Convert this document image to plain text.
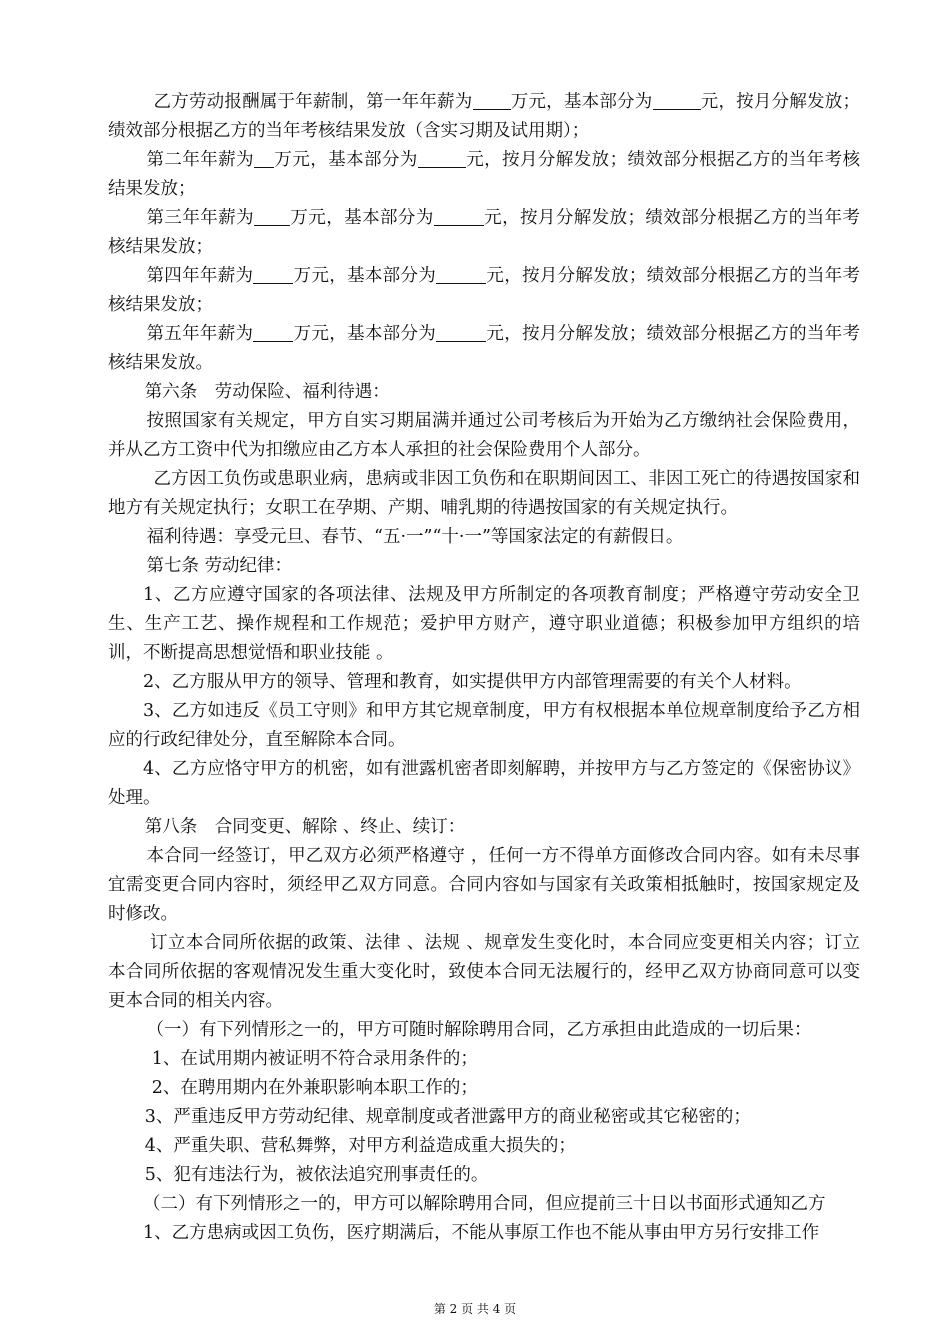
乙方劳动报酬属于年薪制，第一年年薪为 万元，基本部分为	元，按月分解发放；绩效部分根据乙方的当年考核结果发放（含实习期及试用期）；

第二年年薪为 万元，基本部分为	元，按月分解发放；绩效部分根据乙方的当年考核结果发放；

第三年年薪为 万元，基本部分为	元，按月分解发放；绩效部分根据乙方的当年考核结果发放；

第四年年薪为 万元，基本部分为	元，按月分解发放；绩效部分根据乙方的当年考核结果发放；

第五年年薪为 万元，基本部分为	元，按月分解发放；绩效部分根据乙方的当年考核结果发放。

第六条　劳动保险、福利待遇：

按照国家有关规定，甲方自实习期届满并通过公司考核后为开始为乙方缴纳社会保险费用，并从乙方工资中代为扣缴应由乙方本人承担的社会保险费用个人部分。

乙方因工负伤或患职业病，患病或非因工负伤和在职期间因工、非因工死亡的待遇按国家和地方有关规定执行；女职工在孕期、产期、哺乳期的待遇按国家的有关规定执行。

福利待遇：享受元旦、春节、“五·一”“十·一”等国家法定的有薪假日。

第七条 劳动纪律：

1、乙方应遵守国家的各项法律、法规及甲方所制定的各项教育制度；严格遵守劳动安全卫生、生产工艺、操作规程和工作规范；爱护甲方财产，遵守职业道德；积极参加甲方组织的培训，不断提高思想觉悟和职业技能 。

2、乙方服从甲方的领导、管理和教育，如实提供甲方内部管理需要的有关个人材料。

3、乙方如违反《员工守则》和甲方其它规章制度，甲方有权根据本单位规章制度给予乙方相应的行政纪律处分，直至解除本合同。

4、乙方应恪守甲方的机密，如有泄露机密者即刻解聘，并按甲方与乙方签定的《保密协议》处理。

第八条　合同变更、解除 、终止、续订：

本合同一经签订，甲乙双方必须严格遵守 ，任何一方不得单方面修改合同内容。如有未尽事宜需变更合同内容时，须经甲乙双方同意。合同内容如与国家有关政策相抵触时，按国家规定及时修改。

订立本合同所依据的政策、法律 、法规 、规章发生变化时，本合同应变更相关内容；订立本合同所依据的客观情况发生重大变化时，致使本合同无法履行的，经甲乙双方协商同意可以变更本合同的相关内容。

（一）有下列情形之一的，甲方可随时解除聘用合同，乙方承担由此造成的一切后果：

1、在试用期内被证明不符合录用条件的；

2、在聘用期内在外兼职影响本职工作的；

3、严重违反甲方劳动纪律、规章制度或者泄露甲方的商业秘密或其它秘密的；

4、严重失职、营私舞弊，对甲方利益造成重大损失的；

5、犯有违法行为，被依法追究刑事责任的。

（二）有下列情形之一的，甲方可以解除聘用合同，但应提前三十日以书面形式通知乙方

1、乙方患病或因工负伤，医疗期满后，不能从事原工作也不能从事由甲方另行安排工作

第 2 页 共 4 页
